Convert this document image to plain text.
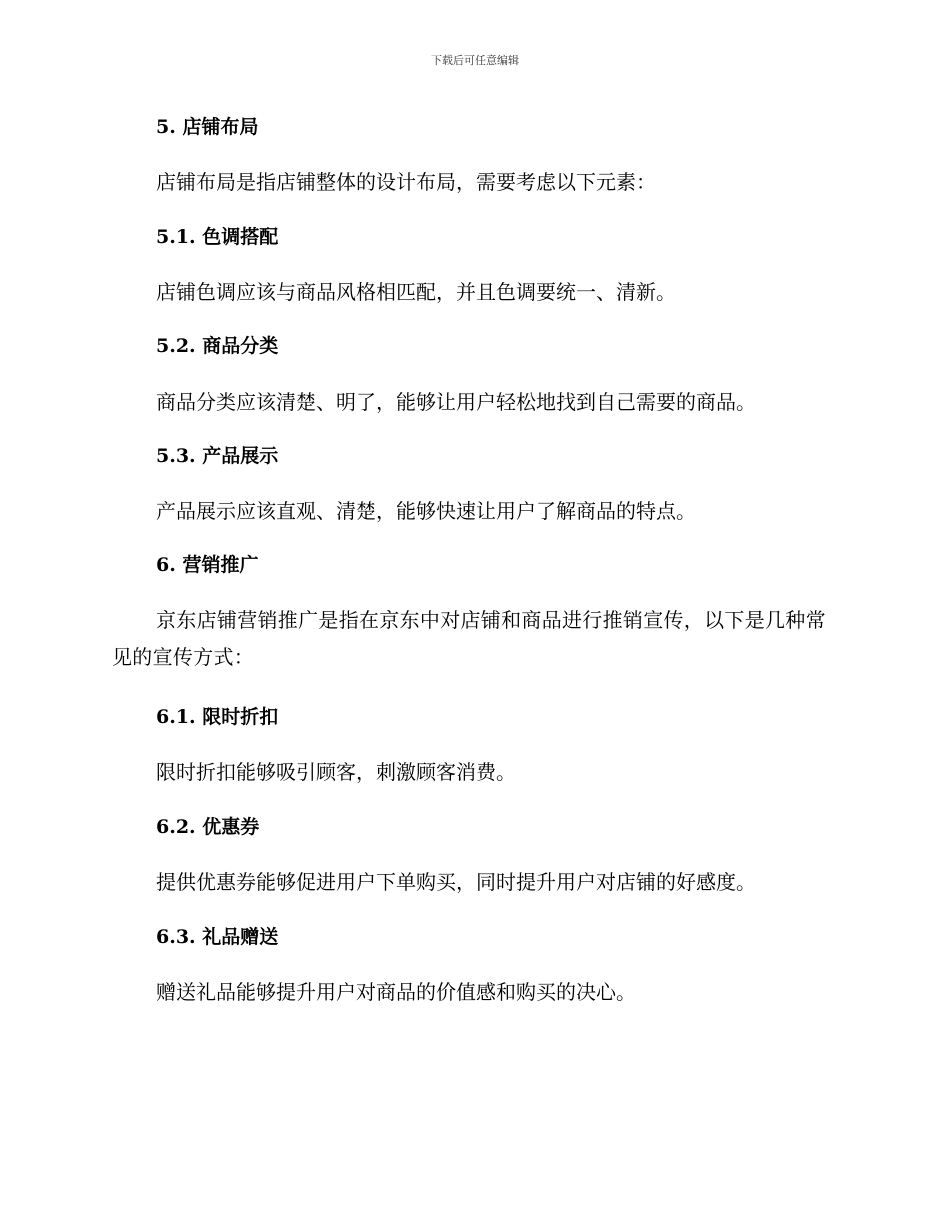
下载后可任意编辑
5. 店铺布局
店铺布局是指店铺整体的设计布局，需要考虑以下元素：
5.1. 色调搭配
店铺色调应该与商品风格相匹配，并且色调要统一、清新。
5.2. 商品分类
商品分类应该清楚、明了，能够让用户轻松地找到自己需要的商品。
5.3. 产品展示
产品展示应该直观、清楚，能够快速让用户了解商品的特点。
6. 营销推广
京东店铺营销推广是指在京东中对店铺和商品进行推销宣传，以下是几种常见的宣传方式：
6.1. 限时折扣
限时折扣能够吸引顾客，刺激顾客消费。
6.2. 优惠券
提供优惠券能够促进用户下单购买，同时提升用户对店铺的好感度。
6.3. 礼品赠送
赠送礼品能够提升用户对商品的价值感和购买的决心。
